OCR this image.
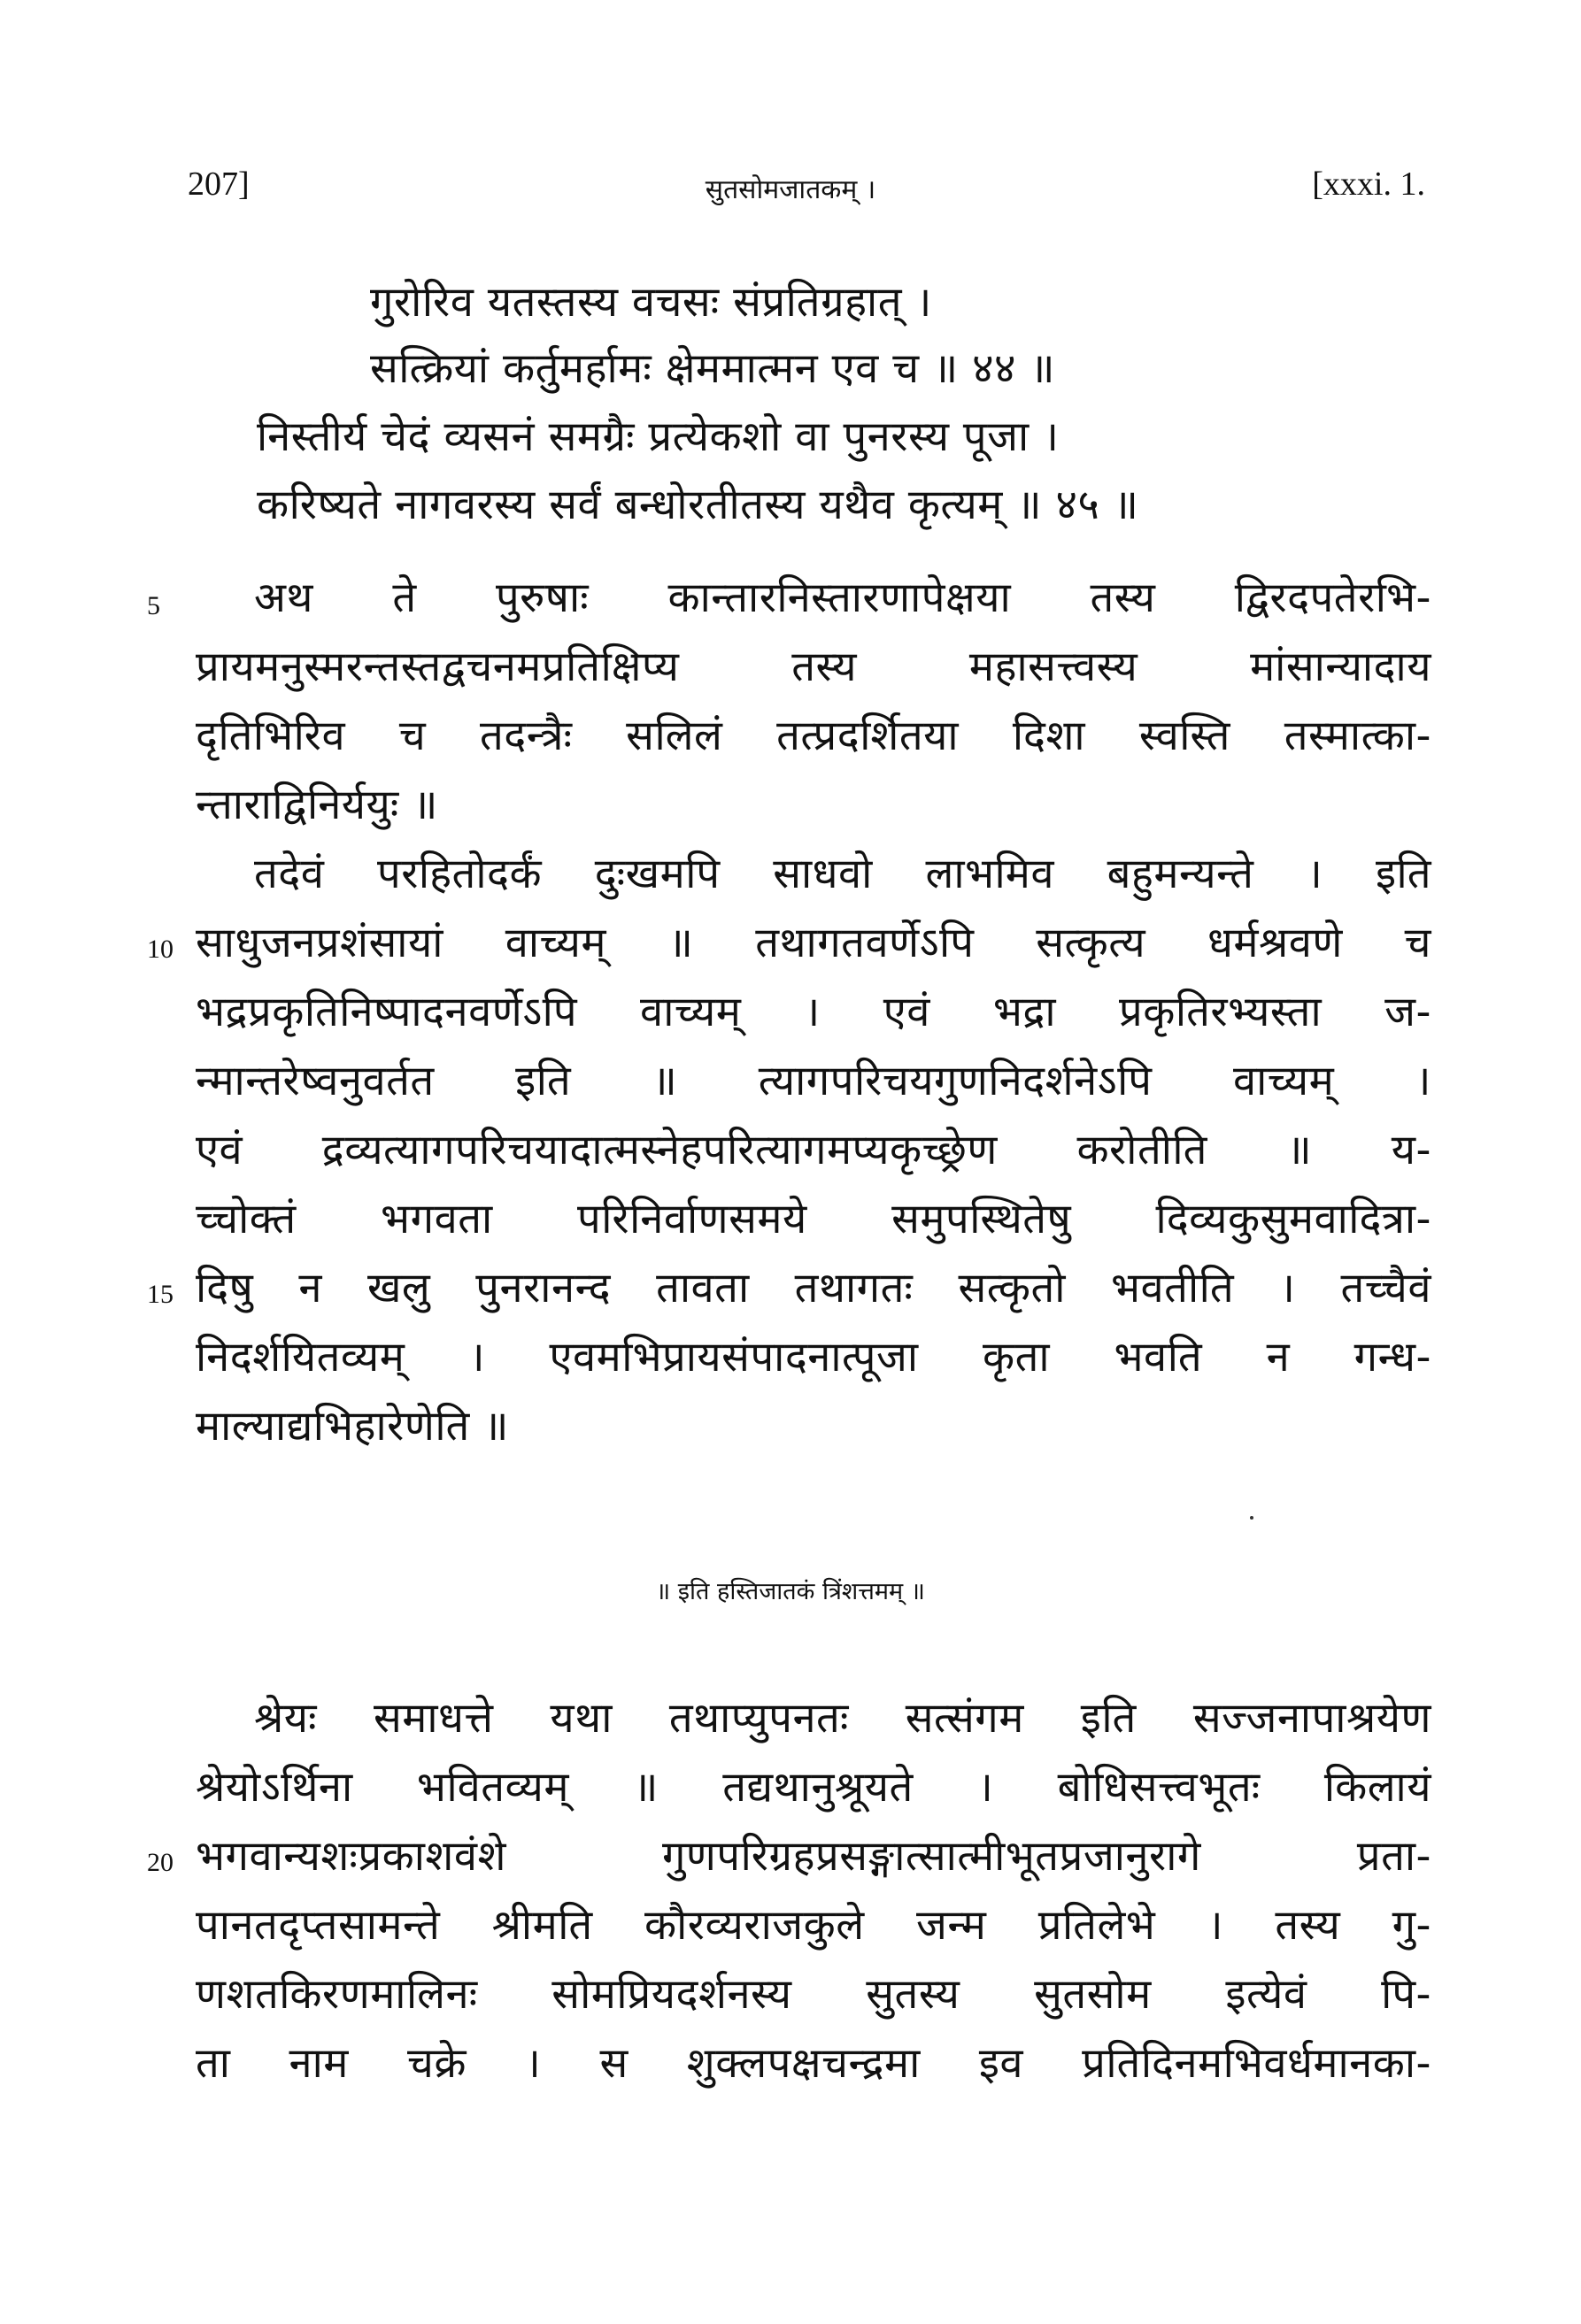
207]	सुतसोमजातकम् ।	[xxxi. 1.
गुरोरिव यतस्तस्य वचसः संप्रतिग्रहात् ।
सत्क्रियां कर्तुमर्हामः क्षेममात्मन एव च ॥ ४४ ॥
निस्तीर्य चेदं व्यसनं समग्रैः प्रत्येकशो वा पुनरस्य पूजा ।
करिष्यते नागवरस्य सर्वं बन्धोरतीतस्य यथैव कृत्यम् ॥ ४५ ॥
5 अथ ते पुरुषाः कान्तारनिस्तारणापेक्षया तस्य द्विरदपतेरभि-
प्रायमनुस्मरन्तस्तद्वचनमप्रतिक्षिप्य तस्य महासत्त्वस्य मांसान्यादाय
दृतिभिरिव च तदन्त्रैः सलिलं तत्प्रदर्शितया दिशा स्वस्ति तस्मात्का-
न्ताराद्विनिर्ययुः ॥
तदेवं परहितोदर्कं दुःखमपि साधवो लाभमिव बहुमन्यन्ते । इति
10 साधुजनप्रशंसायां वाच्यम् ॥ तथागतवर्णेऽपि सत्कृत्य धर्मश्रवणे च
भद्रप्रकृतिनिष्पादनवर्णेऽपि वाच्यम् । एवं भद्रा प्रकृतिरभ्यस्ता ज-
न्मान्तरेष्वनुवर्तत इति ॥ त्यागपरिचयगुणनिदर्शनेऽपि वाच्यम् ।
एवं द्रव्यत्यागपरिचयादात्मस्नेहपरित्यागमप्यकृच्छ्रेण करोतीति ॥ य-
च्चोक्तं भगवता परिनिर्वाणसमये समुपस्थितेषु दिव्यकुसुमवादित्रा-
15 दिषु न खलु पुनरानन्द तावता तथागतः सत्कृतो भवतीति । तच्चैवं
निदर्शयितव्यम् । एवमभिप्रायसंपादनात्पूजा कृता भवति न गन्ध-
माल्याद्यभिहारेणेति ॥
॥ इति हस्तिजातकं त्रिंशत्तमम् ॥
श्रेयः समाधत्ते यथा तथाप्युपनतः सत्संगम इति सज्जनापाश्रयेण
श्रेयोऽर्थिना भवितव्यम् ॥ तद्यथानुश्रूयते । बोधिसत्त्वभूतः किलायं
20 भगवान्यशःप्रकाशवंशे गुणपरिग्रहप्रसङ्गात्सात्मीभूतप्रजानुरागे प्रता-
पानतदृप्तसामन्ते श्रीमति कौरव्यराजकुले जन्म प्रतिलेभे । तस्य गु-
णशतकिरणमालिनः सोमप्रियदर्शनस्य सुतस्य सुतसोम इत्येवं पि-
ता नाम चक्रे । स शुक्लपक्षचन्द्रमा इव प्रतिदिनमभिवर्धमानका-
